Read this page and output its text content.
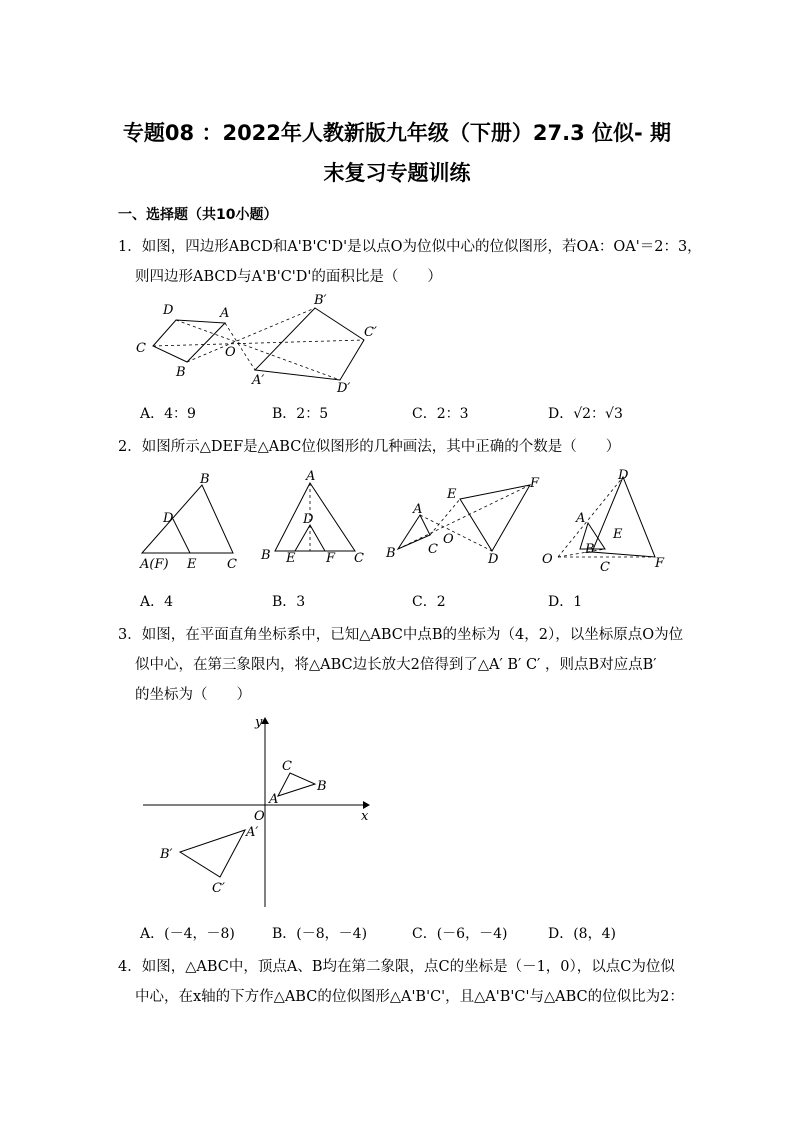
专题08 ：2022年人教新版九年级（下册）27.3 位似- 期
末复习专题训练
一、选择题（共10小题）
1．如图，四边形ABCD和A'B'C'D'是以点O为位似中心的位似图形，若OA：OA'＝2：3，
则四边形ABCD与A'B'C'D'的面积比是（　　）
D	A
C
B
O
B′
C′
A′
D′
A．4：9	B．2：5	C．2：3	D．√2：√3
2．如图所示△DEF是△ABC位似图形的几种画法，其中正确的个数是（　　）
B
D
A(F) E C
A
D
B E F C
A
E
F
O
B C
D
D
A
E
B
O
C	F
A．4	B．3	C．2	D．1
3．如图，在平面直角坐标系中，已知△ABC中点B的坐标为（4，2），以坐标原点O为位
似中心，在第三象限内，将△ABC边长放大2倍得到了△A′ B′ C′ ，则点B对应点B′
的坐标为（　　）
y
x
O
C
B
A
A′
B′
C′
A．(－4，－8)	B．(－8，－4)	C．(－6，－4)	D．(8，4)
4．如图，△ABC中，顶点A、B均在第二象限，点C的坐标是（－1，0），以点C为位似
中心，在x轴的下方作△ABC的位似图形△A'B'C'，且△A'B'C'与△ABC的位似比为2：
